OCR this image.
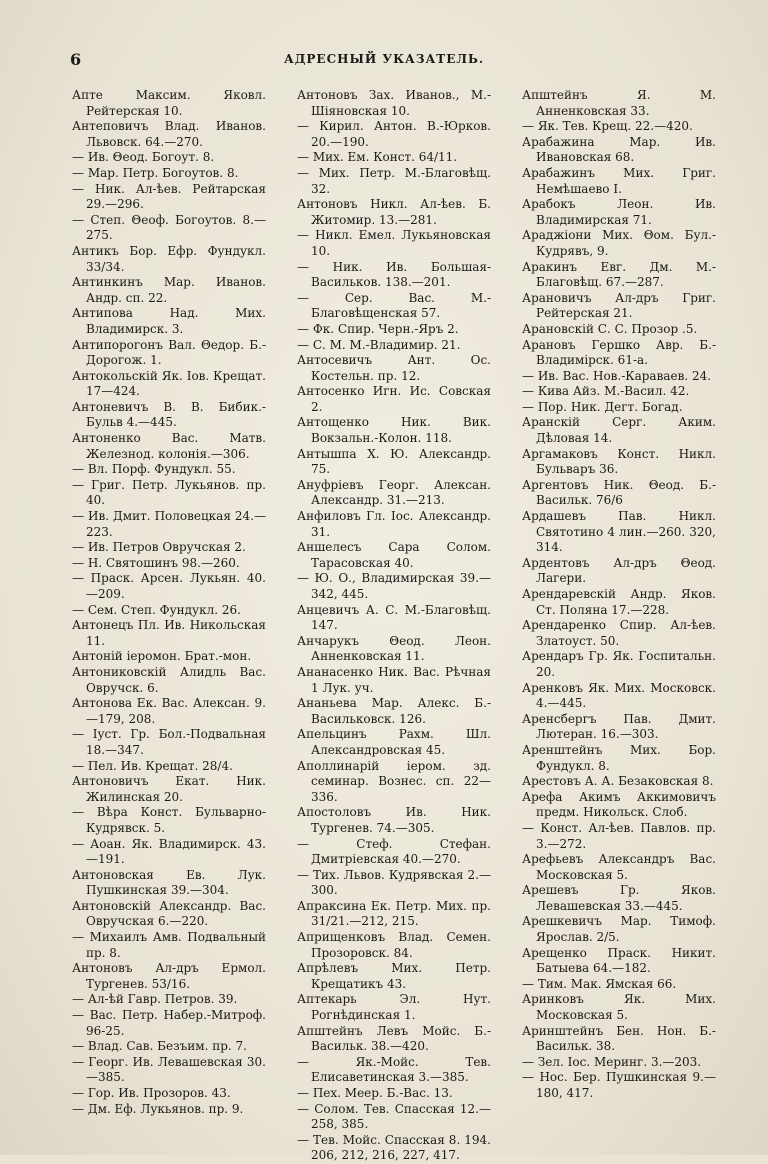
6	АДРЕСНЫЙ УКАЗАТЕЛЬ.
Апте Максим. Яковл. Рейтерская 10.
Антеповичъ Влад. Иванов. Львовск. 64.—270.
— Ив. Θеод. Богоут. 8.
— Мар. Петр. Богоутов. 8.
— Ник. Ал-ѣев. Рейтарская 29.—296.
— Степ. Θеоф. Богоутов. 8.—275.
Антикъ Бор. Ефр. Фундукл. 33/34.
Антинкинъ Мар. Иванов. Андр. сп. 22.
Антипова Над. Мих. Владимирск. 3.
Антипорогонъ Вал. Θедор. Б.-Дорогож. 1.
Антокольскій Як. Іов. Крещат. 17—424.
Антоневичъ В. В. Бибик.-Бульв 4.—445.
Антоненко Вас. Матв. Железнод. колонія.—306.
— Вл. Порф. Фундукл. 55.
— Григ. Петр. Лукьянов. пр. 40.
— Ив. Дмит. Половецкая 24.—223.
— Ив. Петров Овручская 2.
— Н. Святошинъ 98.—260.
— Праск. Арсен. Лукьян. 40.—209.
— Сем. Степ. Фундукл. 26.
Антонецъ Пл. Ив. Никольская 11.
Антоній іеромон. Брат.-мон.
Антониковскій Алидль Вас. Овручск. 6.
Антонова Ек. Вас. Алексан. 9.—179, 208.
— Іуст. Гр. Бол.-Подвальная 18.—347.
— Пел. Ив. Крещат. 28/4.
Антоновичъ Екат. Ник. Жилинская 20.
— Вѣра Конст. Бульварно-Кудрявск. 5.
— Аоан. Як. Владимирск. 43.—191.
Антоновская Ев. Лук. Пушкинская 39.—304.
Антоновскій Александр. Вас. Овручская 6.—220.
— Михаилъ Амв. Подвальный пр. 8.
Антоновъ Ал-дръ Ермол. Тургенев. 53/16.
— Ал-ѣй Гавр. Петров. 39.
— Вас. Петр. Набер.-Митроф. 96-25.
— Влад. Сав. Безъим. пр. 7.
— Георг. Ив. Левашевская 30.—385.
— Гор. Ив. Прозоров. 43.
— Дм. Еф. Лукьянов. пр. 9.
Антоновъ Зах. Иванов., М.-Шіяновская 10.
— Кирил. Антон. В.-Юрков. 20.—190.
— Мих. Ем. Конст. 64/11.
— Мих. Петр. М.-Благовѣщ. 32.
Антоновъ Никл. Ал-ѣев. Б. Житомир. 13.—281.
— Никл. Емел. Лукьяновская 10.
— Ник. Ив. Большая-Васильков. 138.—201.
— Сер. Вас. М.-Благовѣщенская 57.
— Фк. Спир. Черн.-Яръ 2.
— С. М. М.-Владимир. 21.
Антосевичъ Ант. Ос. Костельн. пр. 12.
Антосенко Игн. Ис. Совская 2.
Антощенко Ник. Вик. Вокзальн.-Колон. 118.
Антышпа Х. Ю. Александр. 75.
Ануфріевъ Георг. Алексан. Александр. 31.—213.
Анфиловъ Гл. Іос. Александр. 31.
Аншелесъ Сара Солом. Тарасовская 40.
— Ю. О., Владимирская 39.—342, 445.
Анцевичъ А. С. М.-Благовѣщ. 147.
Анчарукъ Θеод. Леон. Анненковская 11.
Ананасенко Ник. Вас. Рѣчная 1 Лук. уч.
Ананьева Мар. Алекс. Б.-Васильковск. 126.
Апельцинъ Рахм. Шл. Александровская 45.
Аполлинарій іером. зд. семинар. Вознес. сп. 22—336.
Апостоловъ Ив. Ник. Тургенев. 74.—305.
— Стеф. Стефан. Дмитріевская 40.—270.
— Тих. Львов. Кудрявская 2.—300.
Апраксина Ек. Петр. Мих. пр. 31/21.—212, 215.
Априщенковъ Влад. Семен. Прозоровск. 84.
Апрѣлевъ Мих. Петр. Крещатикъ 43.
Аптекарь Эл. Нут. Рогнѣдинская 1.
Апштейнъ Левъ Мойс. Б.-Васильк. 38.—420.
— Як.-Мойс. Тев. Елисаветинская 3.—385.
— Пех. Меер. Б.-Вас. 13.
— Солом. Тев. Спасская 12.—258, 385.
— Тев. Мойс. Спасская 8. 194. 206, 212, 216, 227, 417.
Апштейнъ Я. М. Анненковская 33.
— Як. Тев. Крещ. 22.—420.
Арабажина Мар. Ив. Ивановская 68.
Арабажинъ Мих. Григ. Немѣшаево I.
Арабокъ Леон. Ив. Владимирская 71.
Араджіони Мих. Θом. Бул.-Кудрявъ, 9.
Аракинъ Евг. Дм. М.-Благовѣщ. 67.—287.
Арановичъ Ал-дръ Григ. Рейтерская 21.
Арановскій С. С. Прозор .5.
Арановъ Гершко Авр. Б.-Владимірск. 61-а.
— Ив. Вас. Нов.-Караваев. 24.
— Кива Айз. М.-Васил. 42.
— Пор. Ник. Дегт. Богад.
Аранскій Серг. Аким. Дѣловая 14.
Аргамаковъ Конст. Никл. Бульваръ 36.
Аргентовъ Ник. Θеод. Б.-Васильк. 76/6
Ардашевъ Пав. Никл. Святотино 4 лин.—260. 320, 314.
Ардентовъ Ал-дръ Θеод. Лагери.
Арендаревскій Андр. Яков. Ст. Поляна 17.—228.
Арендаренко Спир. Ал-ѣев. Златоуст. 50.
Арендаръ Гр. Як. Госпитальн. 20.
Аренковъ Як. Мих. Московск. 4.—445.
Аренсбергъ Пав. Дмит. Лютеран. 16.—303.
Аренштейнъ Мих. Бор. Фундукл. 8.
Арестовъ А. А. Безаковская 8.
Арефа Акимъ Аккимовичъ предм. Никольск. Слоб.
— Конст. Ал-ѣев. Павлов. пр. 3.—272.
Арефьевъ Александръ Вас. Московская 5.
Арешевъ Гр. Яков. Левашевская 33.—445.
Арешкевичъ Мар. Тимоф. Ярослав. 2/5.
Арещенко Праск. Никит. Батыева 64.—182.
— Тим. Мак. Ямская 66.
Аринковъ Як. Мих. Московская 5.
Аринштейнъ Бен. Нон. Б.-Васильк. 38.
— Зел. Іос. Меринг. 3.—203.
— Нос. Бер. Пушкинская 9.—180, 417.
